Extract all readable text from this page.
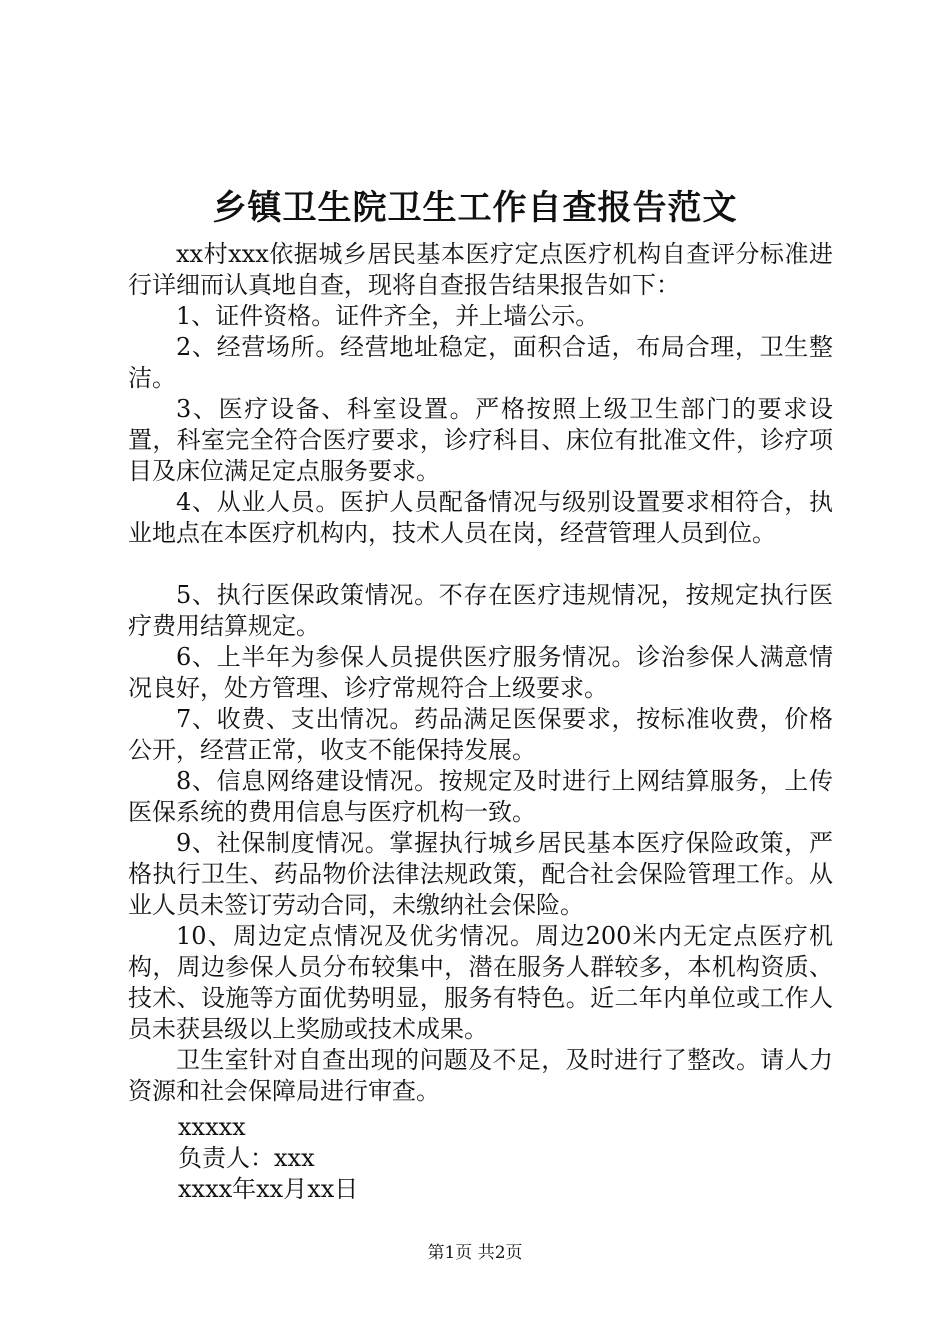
乡镇卫生院卫生工作自查报告范文

xx村xxx依据城乡居民基本医疗定点医疗机构自查评分标准进行详细而认真地自查，现将自查报告结果报告如下：

1、证件资格。证件齐全，并上墙公示。

2、经营场所。经营地址稳定，面积合适，布局合理，卫生整洁。

3、医疗设备、科室设置。严格按照上级卫生部门的要求设置，科室完全符合医疗要求，诊疗科目、床位有批准文件，诊疗项目及床位满足定点服务要求。

4、从业人员。医护人员配备情况与级别设置要求相符合，执业地点在本医疗机构内，技术人员在岗，经营管理人员到位。

5、执行医保政策情况。不存在医疗违规情况，按规定执行医疗费用结算规定。

6、上半年为参保人员提供医疗服务情况。诊治参保人满意情况良好，处方管理、诊疗常规符合上级要求。

7、收费、支出情况。药品满足医保要求，按标准收费，价格公开，经营正常，收支不能保持发展。

8、信息网络建设情况。按规定及时进行上网结算服务，上传医保系统的费用信息与医疗机构一致。

9、社保制度情况。掌握执行城乡居民基本医疗保险政策，严格执行卫生、药品物价法律法规政策，配合社会保险管理工作。从业人员未签订劳动合同，未缴纳社会保险。

10、周边定点情况及优劣情况。周边200米内无定点医疗机构，周边参保人员分布较集中，潜在服务人群较多，本机构资质、技术、设施等方面优势明显，服务有特色。近二年内单位或工作人员未获县级以上奖励或技术成果。

卫生室针对自查出现的问题及不足，及时进行了整改。请人力资源和社会保障局进行审查。

xxxxx

负责人：xxx

xxxx年xx月xx日

第1页 共2页
